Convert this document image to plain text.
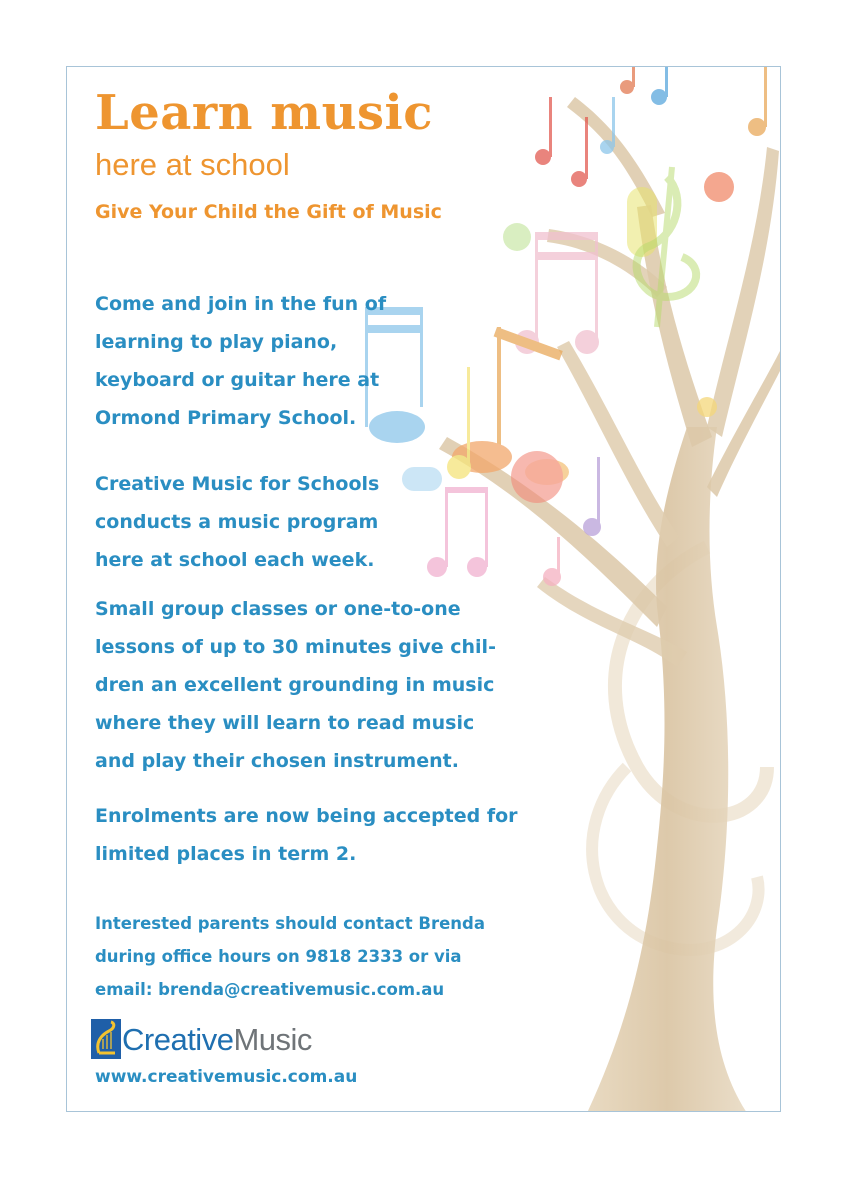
Learn music
here at school
Give Your Child the Gift of Music
Come and join in the fun of
learning to play piano,
keyboard or guitar here at
Ormond Primary School.
Creative Music for Schools
conducts a music program
here at school each week.
Small group classes or one-to-one
lessons of up to 30 minutes give chil-
dren an excellent grounding in music
where they will learn to read music
and play their chosen instrument.
Enrolments are now being accepted for
limited places in term 2.
Interested parents should contact Brenda
during office hours on 9818 2333 or via
email: brenda@creativemusic.com.au
CreativeMusic
www.creativemusic.com.au
